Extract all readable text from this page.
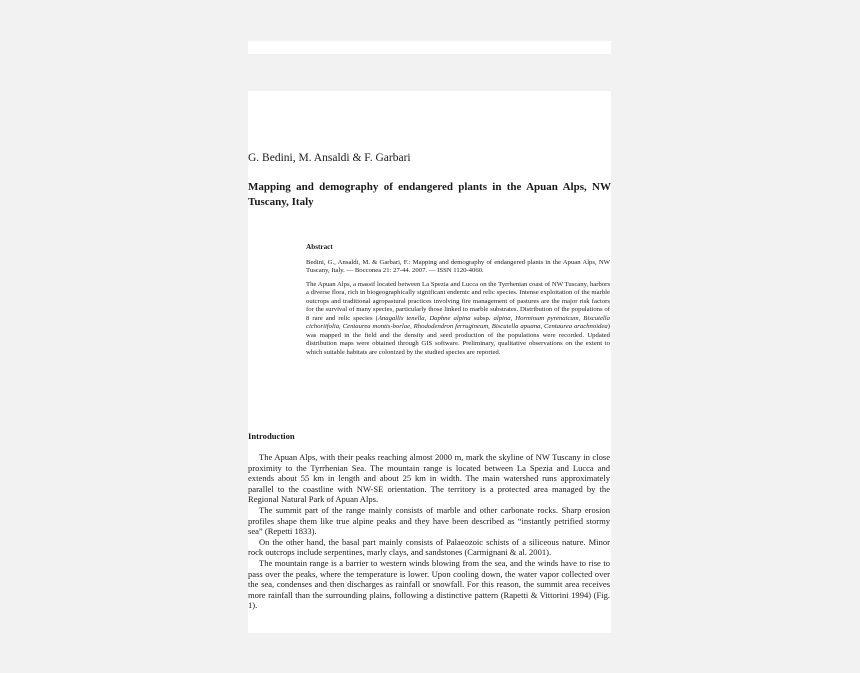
G. Bedini, M. Ansaldi & F. Garbari
Mapping and demography of endangered plants in the Apuan Alps, NW Tuscany, Italy
Abstract

Bedini, G., Ansaldi, M. & Garbari, F.: Mapping and demography of endangered plants in the Apuan Alps, NW Tuscany, Italy. — Bocconea 21: 27-44. 2007. — ISSN 1120-4060.

The Apuan Alps, a massif located between La Spezia and Lucca on the Tyrrhenian coast of NW Tuscany, harbors a diverse flora, rich in biogeographically significant endemic and relic species. Intense exploitation of the marble outcrops and traditional agropastural practices involving fire management of pastures are the major risk factors for the survival of many species, particularly those linked to marble substrates. Distribution of the populations of 8 rare and relic species (Anagallis tenella, Daphne alpina subsp. alpina, Horminum pyrenaicum, Biscutella cichoriifolia, Centaurea montis-borlae, Rhododendron ferrugineum, Biscutella apuana, Centaurea arachnoidea) was mapped in the field and the density and seed production of the populations were recorded. Updated distribution maps were obtained through GIS software. Preliminary, qualitative observations on the extent to which suitable habitats are colonized by the studied species are reported.

Introduction

The Apuan Alps, with their peaks reaching almost 2000 m, mark the skyline of NW Tuscany in close proximity to the Tyrrhenian Sea. The mountain range is located between La Spezia and Lucca and extends about 55 km in length and about 25 km in width. The main watershed runs approximately parallel to the coastline with NW-SE orientation. The territory is a protected area managed by the Regional Natural Park of Apuan Alps.

The summit part of the range mainly consists of marble and other carbonate rocks. Sharp erosion profiles shape them like true alpine peaks and they have been described as “instantly petrified stormy sea” (Repetti 1833).

On the other hand, the basal part mainly consists of Palaeozoic schists of a siliceous nature. Minor rock outcrops include serpentines, marly clays, and sandstones (Carmignani & al. 2001).

The mountain range is a barrier to western winds blowing from the sea, and the winds have to rise to pass over the peaks, where the temperature is lower. Upon cooling down, the water vapor collected over the sea, condenses and then discharges as rainfall or snowfall. For this reason, the summit area receives more rainfall than the surrounding plains, following a distinctive pattern (Rapetti & Vittorini 1994) (Fig. 1).
